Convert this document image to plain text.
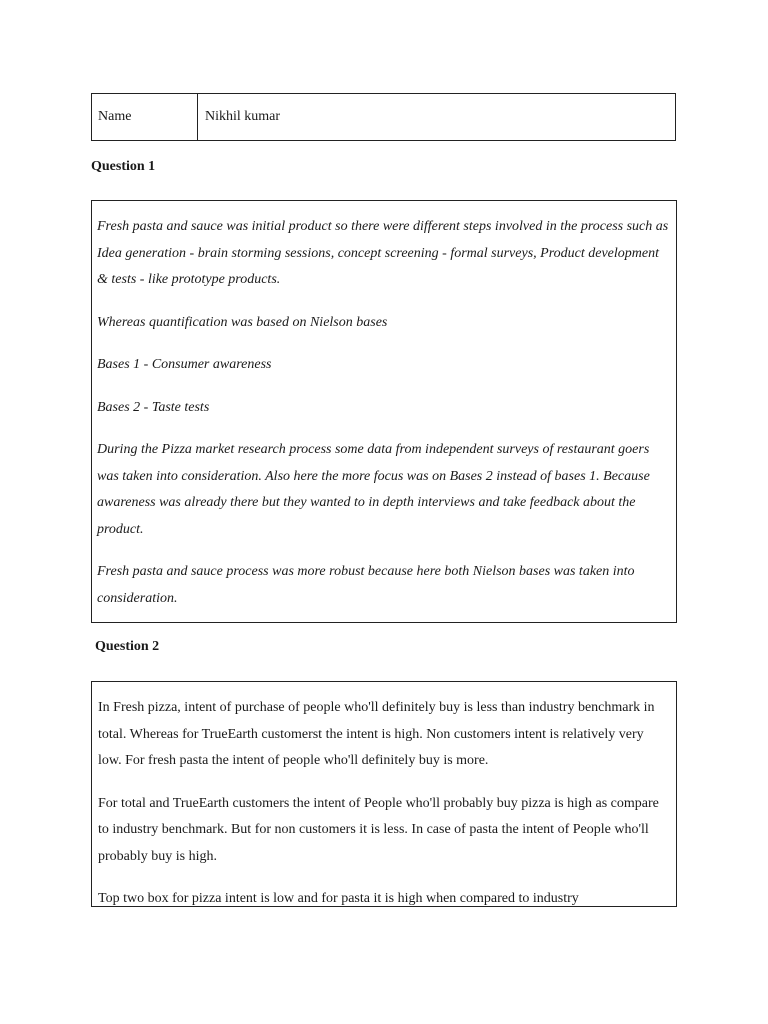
Name	Nikhil kumar
Question 1

Fresh pasta and sauce was initial product so there were different steps involved in the process such as Idea generation - brain storming sessions, concept screening - formal surveys, Product development & tests - like prototype products.

Whereas quantification was based on Nielson bases

Bases 1 - Consumer awareness

Bases 2 - Taste tests

During the Pizza market research process some data from independent surveys of restaurant goers was taken into consideration. Also here the more focus was on Bases 2 instead of bases 1. Because awareness was already there but they wanted to in depth interviews and take feedback about the product.

Fresh pasta and sauce process was more robust because here both Nielson bases was taken into consideration.

Question 2

In Fresh pizza, intent of purchase of people who'll definitely buy is less than industry benchmark in total. Whereas for TrueEarth customerst the intent is high. Non customers intent is relatively very low. For fresh pasta the intent of people who'll definitely buy is more.

For total and TrueEarth customers the intent of People who'll probably buy pizza is high as compare to industry benchmark. But for non customers it is less. In case of pasta the intent of People who'll probably buy is high.

Top two box for pizza intent is low and for pasta it is high when compared to industry
